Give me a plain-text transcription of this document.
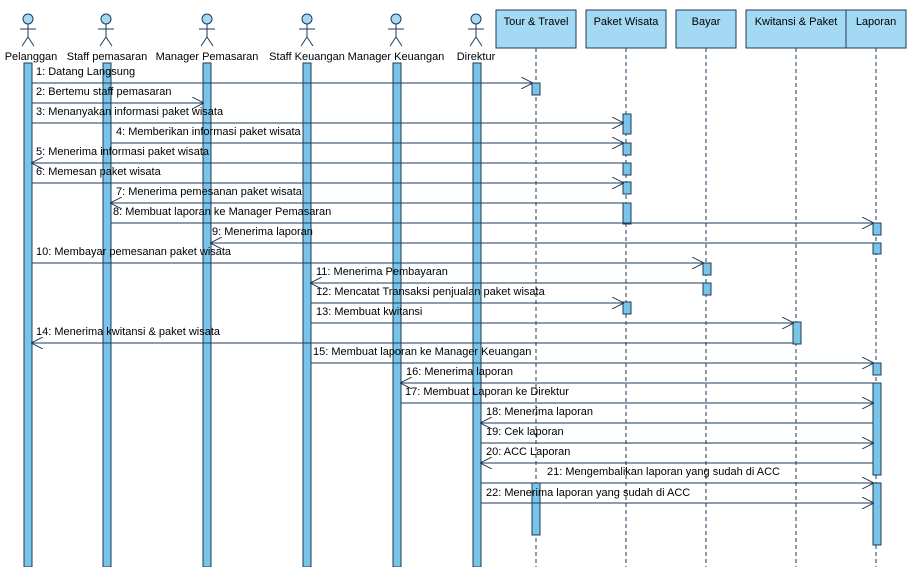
Pelanggan Staff pemasaran Manager Pemasaran Staff Keuangan Manager Keuangan Direktur
Tour & Travel Paket Wisata	Bayar	Kwitansi & Paket Laporan
1: Datang Langsung
2: Bertemu staff pemasaran
3: Menanyakan informasi paket wisata
4: Memberikan informasi paket wisata
5: Menerima informasi paket wisata
6: Memesan paket wisata
7: Menerima pemesanan paket wisata
8: Membuat laporan ke Manager Pemasaran
9: Menerima laporan
10: Membayar pemesanan paket wisata
11: Menerima Pembayaran
12: Mencatat Transaksi penjualan paket wisata
13: Membuat kwitansi
14: Menerima kwitansi & paket wisata
15: Membuat laporan ke Manager Keuangan
16: Menerima laporan
17: Membuat Laporan ke Direktur
18: Menerima laporan
19: Cek laporan
20: ACC Laporan
21: Mengembalikan laporan yang sudah di ACC
22: Menerima laporan yang sudah di ACC
